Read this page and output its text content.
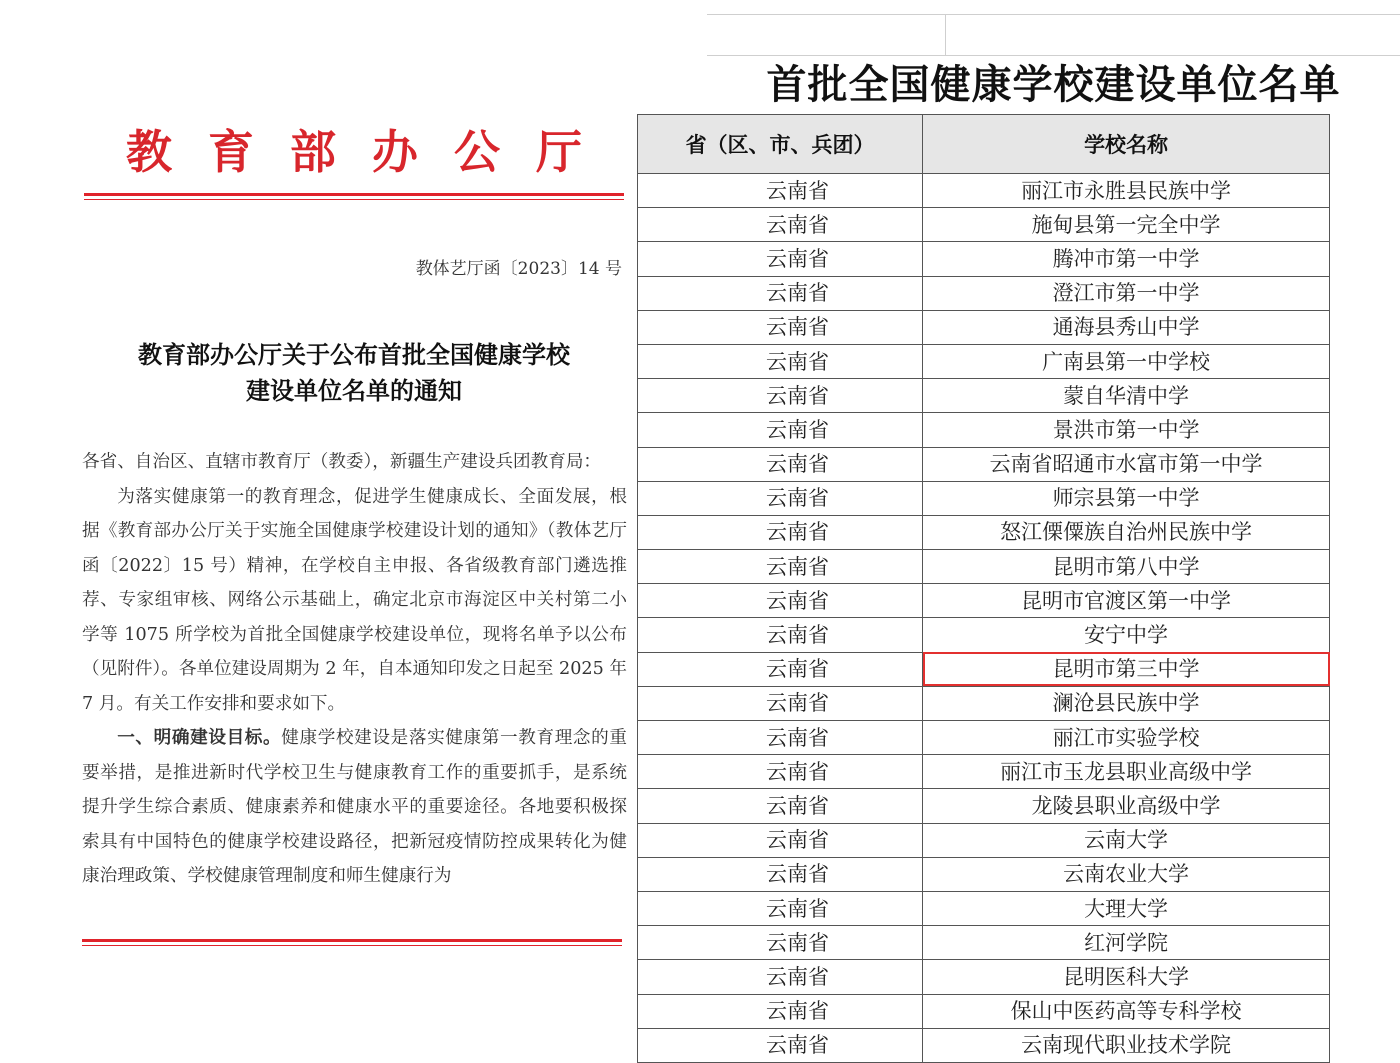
教 育 部 办 公 厅
教体艺厅函〔2023〕14 号
教育部办公厅关于公布首批全国健康学校
建设单位名单的通知

各省、自治区、直辖市教育厅（教委），新疆生产建设兵团教育局：

为落实健康第一的教育理念，促进学生健康成长、全面发展，根据《教育部办公厅关于实施全国健康学校建设计划的通知》（教体艺厅函〔2022〕15 号）精神，在学校自主申报、各省级教育部门遴选推荐、专家组审核、网络公示基础上，确定北京市海淀区中关村第二小学等 1075 所学校为首批全国健康学校建设单位，现将名单予以公布（见附件）。各单位建设周期为 2 年，自本通知印发之日起至 2025 年 7 月。有关工作安排和要求如下。

一、明确建设目标。健康学校建设是落实健康第一教育理念的重要举措，是推进新时代学校卫生与健康教育工作的重要抓手，是系统提升学生综合素质、健康素养和健康水平的重要途径。各地要积极探索具有中国特色的健康学校建设路径，把新冠疫情防控成果转化为健康治理政策、学校健康管理制度和师生健康行为

首批全国健康学校建设单位名单
省（区、市、兵团）	学校名称
云南省	丽江市永胜县民族中学
云南省	施甸县第一完全中学
云南省	腾冲市第一中学
云南省	澄江市第一中学
云南省	通海县秀山中学
云南省	广南县第一中学校
云南省	蒙自华清中学
云南省	景洪市第一中学
云南省	云南省昭通市水富市第一中学
云南省	师宗县第一中学
云南省	怒江傈僳族自治州民族中学
云南省	昆明市第八中学
云南省	昆明市官渡区第一中学
云南省	安宁中学
云南省	昆明市第三中学
云南省	澜沧县民族中学
云南省	丽江市实验学校
云南省	丽江市玉龙县职业高级中学
云南省	龙陵县职业高级中学
云南省	云南大学
云南省	云南农业大学
云南省	大理大学
云南省	红河学院
云南省	昆明医科大学
云南省	保山中医药高等专科学校
云南省	云南现代职业技术学院
